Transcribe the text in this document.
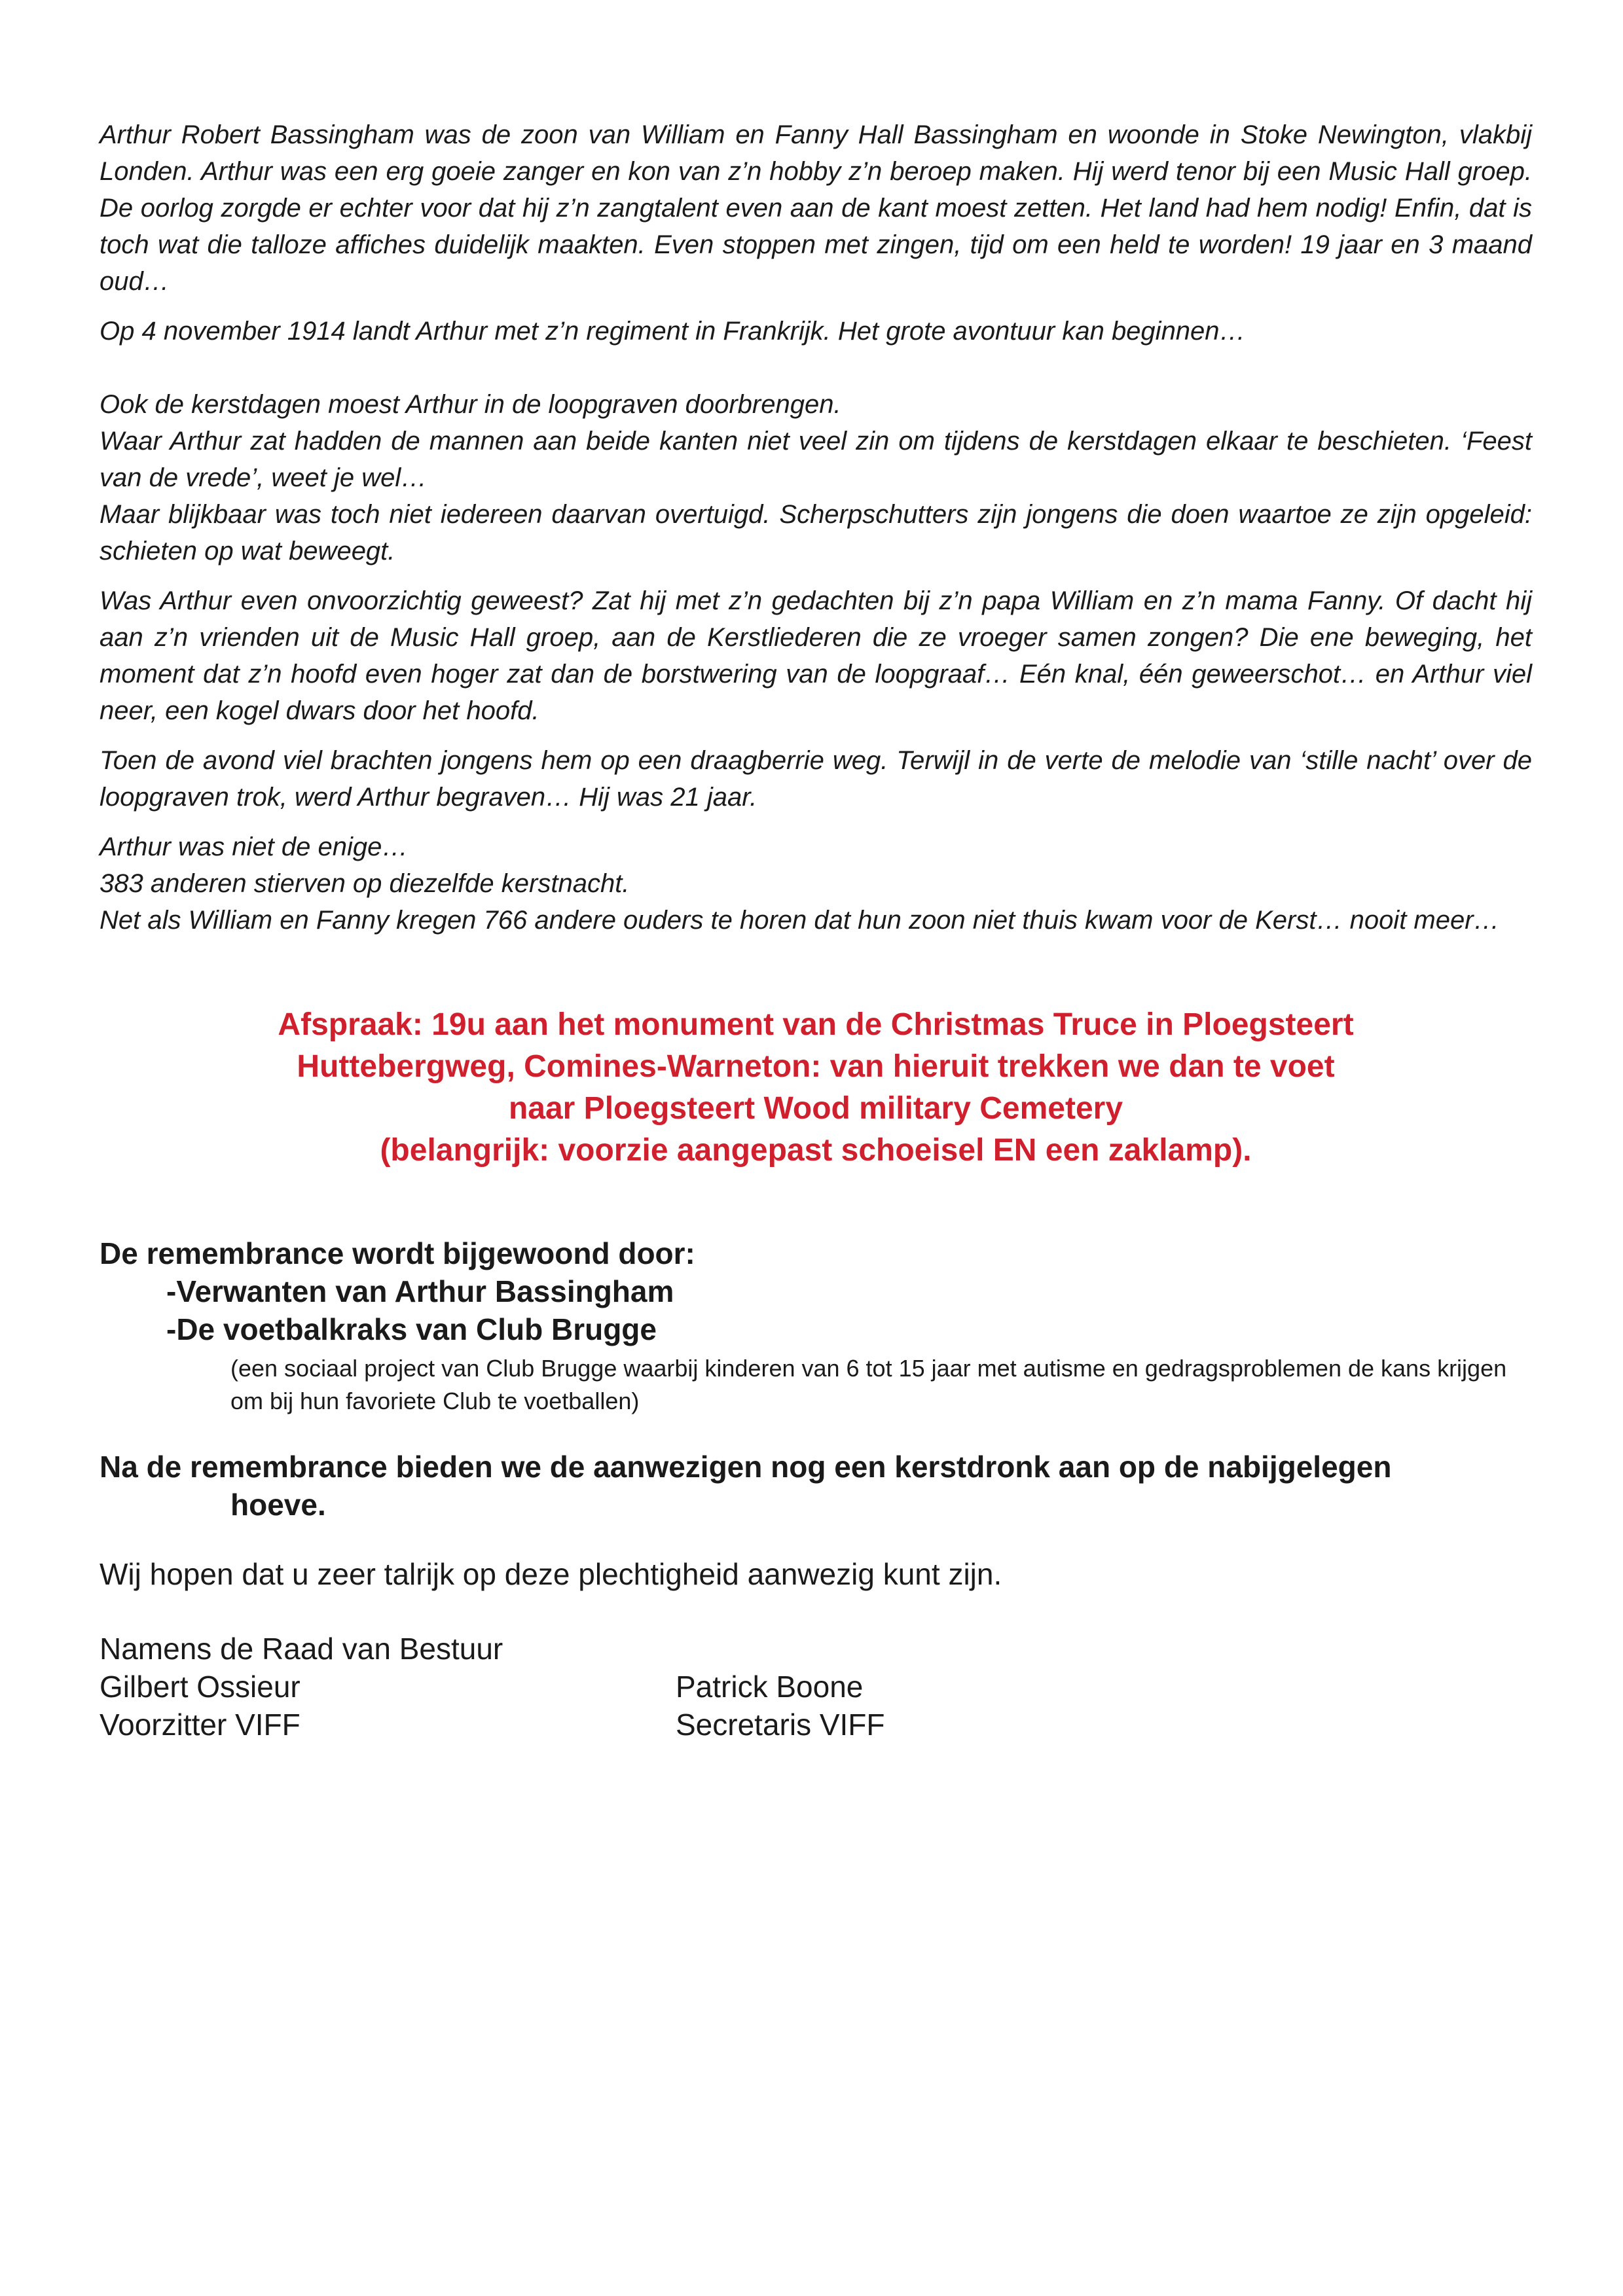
Arthur Robert Bassingham was de zoon van William en Fanny Hall Bassingham en woonde in Stoke Newington, vlakbij Londen. Arthur was een erg goeie zanger en kon van z’n hobby z’n beroep maken. Hij werd tenor bij een Music Hall groep. De oorlog zorgde er echter voor dat hij z’n zangtalent even aan de kant moest zetten. Het land had hem nodig! Enfin, dat is toch wat die talloze affiches duidelijk maakten. Even stoppen met zingen, tijd om een held te worden! 19 jaar en 3 maand oud…

Op 4 november 1914 landt Arthur met z’n regiment in Frankrijk. Het grote avontuur kan beginnen…

Ook de kerstdagen moest Arthur in de loopgraven doorbrengen.
Waar Arthur zat hadden de mannen aan beide kanten niet veel zin om tijdens de kerstdagen elkaar te beschieten. ‘Feest van de vrede’, weet je wel…
Maar blijkbaar was toch niet iedereen daarvan overtuigd. Scherpschutters zijn jongens die doen waartoe ze zijn opgeleid: schieten op wat beweegt.

Was Arthur even onvoorzichtig geweest? Zat hij met z’n gedachten bij z’n papa William en z’n mama Fanny. Of dacht hij aan z’n vrienden uit de Music Hall groep, aan de Kerstliederen die ze vroeger samen zongen? Die ene beweging, het moment dat z’n hoofd even hoger zat dan de borstwering van de loopgraaf… Eén knal, één geweerschot… en Arthur viel neer, een kogel dwars door het hoofd.

Toen de avond viel brachten jongens hem op een draagberrie weg. Terwijl in de verte de melodie van ‘stille nacht’ over de loopgraven trok, werd Arthur begraven… Hij was 21 jaar.

Arthur was niet de enige…
383 anderen stierven op diezelfde kerstnacht.
Net als William en Fanny kregen 766 andere ouders te horen dat hun zoon niet thuis kwam voor de Kerst… nooit meer…

Afspraak: 19u aan het monument van de Christmas Truce in Ploegsteert
Huttebergweg, Comines-Warneton: van hieruit trekken we dan te voet
naar Ploegsteert Wood military Cemetery
(belangrijk: voorzie aangepast schoeisel EN een zaklamp).
De remembrance wordt bijgewoond door:
-Verwanten van Arthur Bassingham
-De voetbalkraks van Club Brugge
(een sociaal project van Club Brugge waarbij kinderen van 6 tot 15 jaar met autisme en gedragsproblemen de kans krijgen om bij hun favoriete Club te voetballen)
Na de remembrance bieden we de aanwezigen nog een kerstdronk aan op de nabijgelegen
hoeve.
Wij hopen dat u zeer talrijk op deze plechtigheid aanwezig kunt zijn.
Namens de Raad van Bestuur
Gilbert Ossieur	Patrick Boone
Voorzitter VIFF	Secretaris VIFF
